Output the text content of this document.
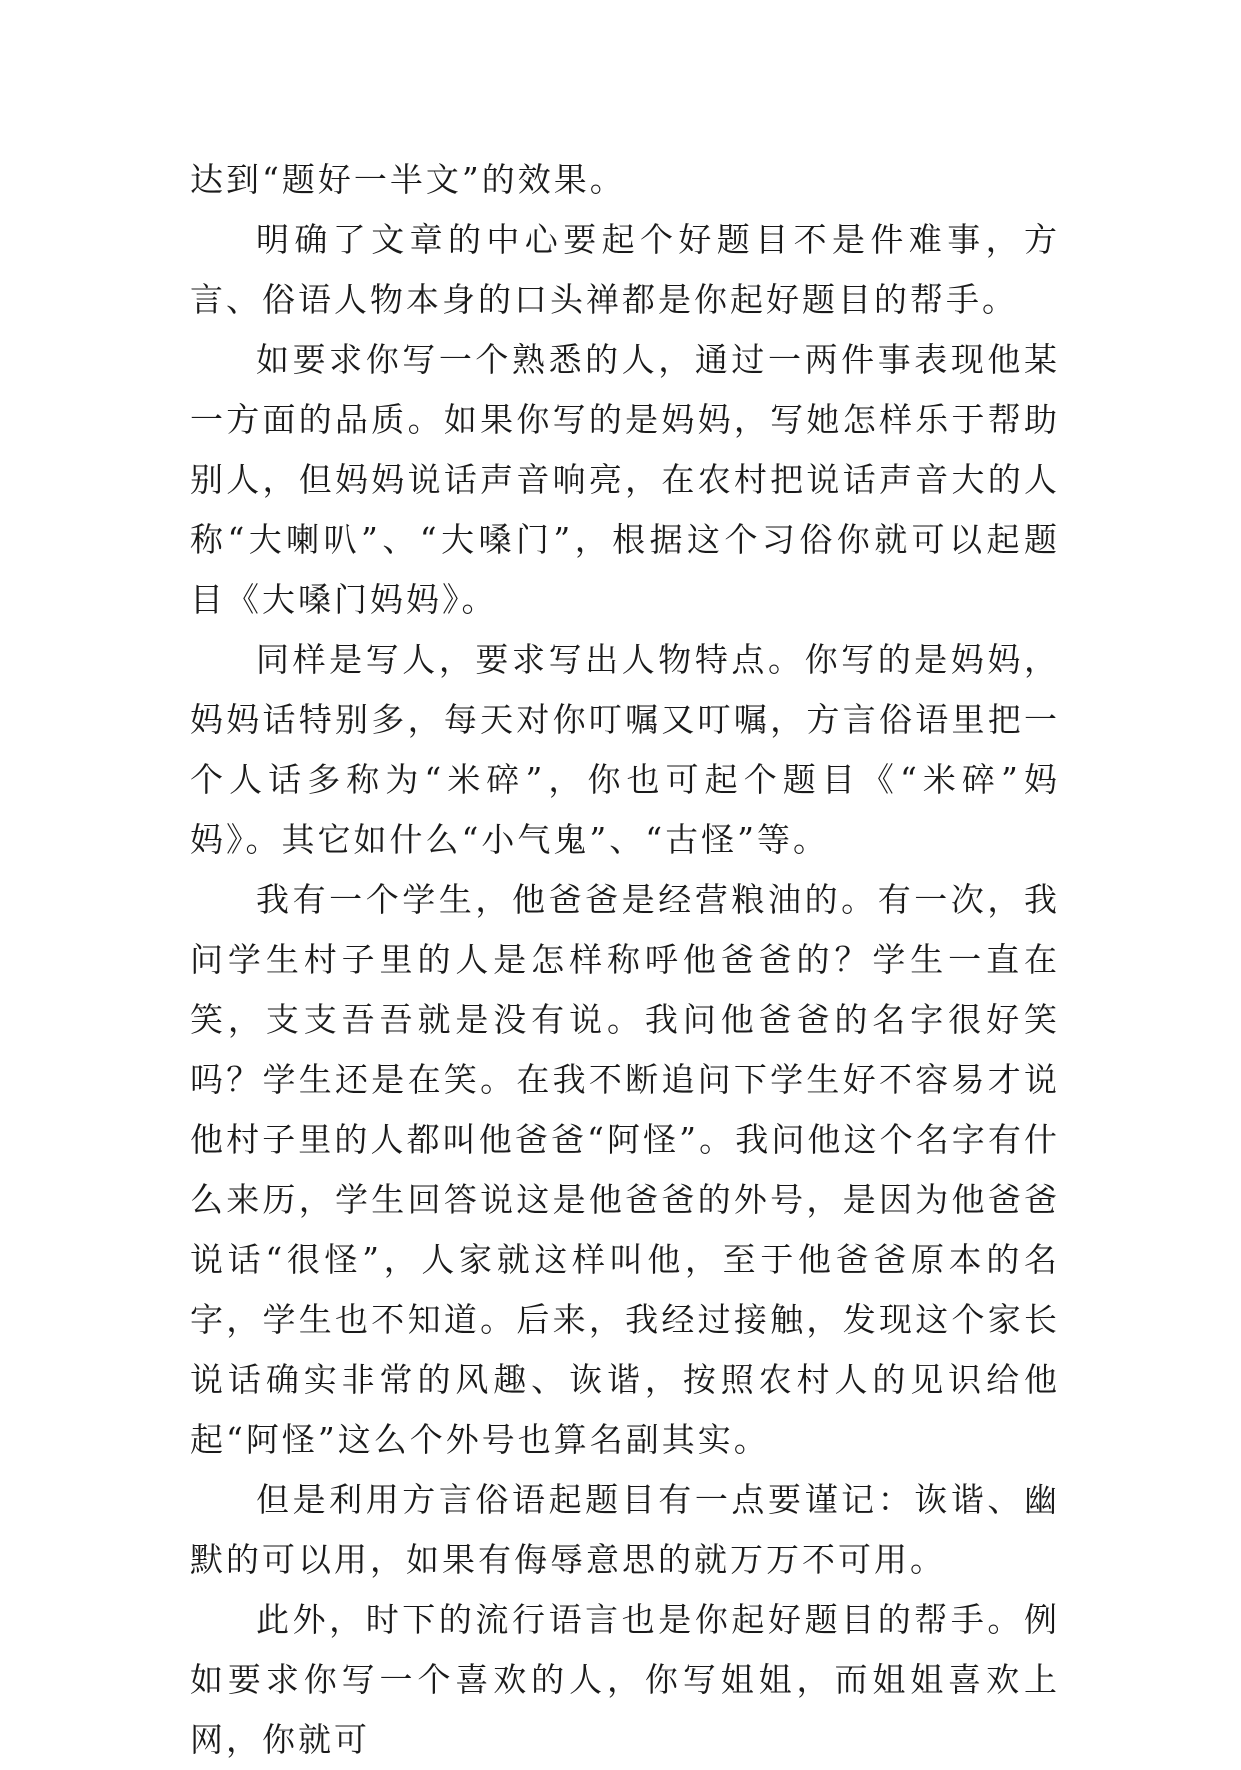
达到“题好一半文”的效果。

明确了文章的中心要起个好题目不是件难事，方言、俗语人物本身的口头禅都是你起好题目的帮手。

如要求你写一个熟悉的人，通过一两件事表现他某一方面的品质。如果你写的是妈妈，写她怎样乐于帮助别人，但妈妈说话声音响亮，在农村把说话声音大的人称“大喇叭”、“大嗓门”，根据这个习俗你就可以起题目《大嗓门妈妈》。

同样是写人，要求写出人物特点。你写的是妈妈，妈妈话特别多，每天对你叮嘱又叮嘱，方言俗语里把一个人话多称为“米碎”，你也可起个题目《“米碎”妈妈》。其它如什么“小气鬼”、“古怪”等。

我有一个学生，他爸爸是经营粮油的。有一次，我问学生村子里的人是怎样称呼他爸爸的？学生一直在笑，支支吾吾就是没有说。我问他爸爸的名字很好笑吗？学生还是在笑。在我不断追问下学生好不容易才说他村子里的人都叫他爸爸“阿怪”。我问他这个名字有什么来历，学生回答说这是他爸爸的外号，是因为他爸爸说话“很怪”，人家就这样叫他，至于他爸爸原本的名字，学生也不知道。后来，我经过接触，发现这个家长说话确实非常的风趣、诙谐，按照农村人的见识给他起“阿怪”这么个外号也算名副其实。

但是利用方言俗语起题目有一点要谨记：诙谐、幽默的可以用，如果有侮辱意思的就万万不可用。

此外，时下的流行语言也是你起好题目的帮手。例如要求你写一个喜欢的人，你写姐姐，而姐姐喜欢上网，你就可
